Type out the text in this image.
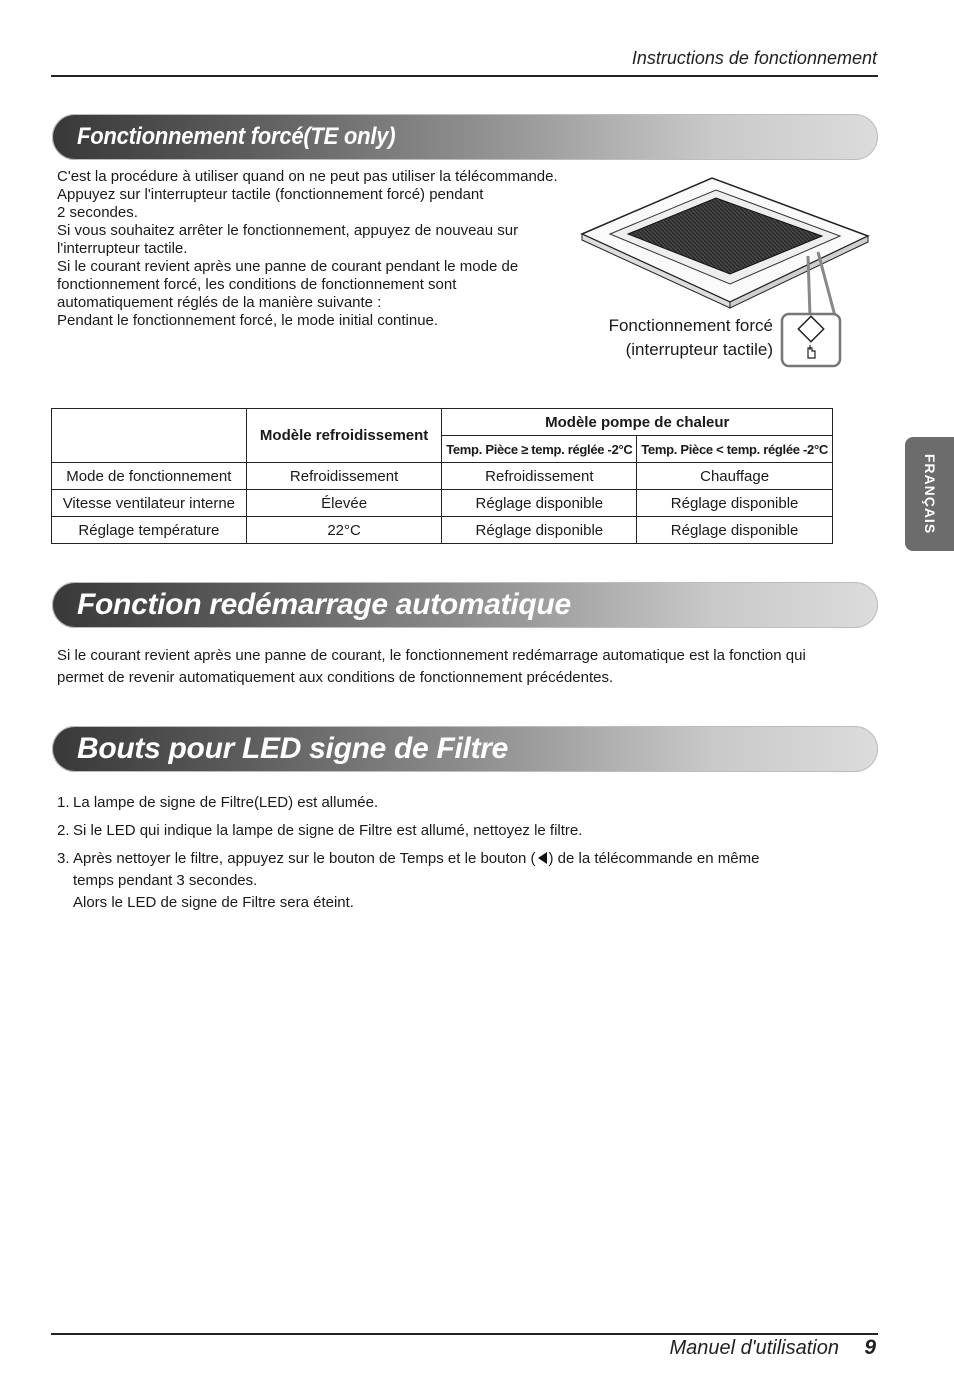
Instructions de fonctionnement
Fonctionnement forcé(TE only)

C'est la procédure à utiliser quand on ne peut pas utiliser la télécommande.

Appuyez sur l'interrupteur tactile (fonctionnement forcé) pendant

2 secondes.

Si vous souhaitez arrêter le fonctionnement, appuyez de nouveau sur

l'interrupteur tactile.

Si le courant revient après une panne de courant pendant le mode de

fonctionnement forcé, les conditions de fonctionnement sont

automatiquement réglés de la manière suivante :

Pendant le fonctionnement forcé, le mode initial continue.	Fonctionnement forcé
(interrupteur tactile)
	Modèle refroidissement	Modèle pompe de chaleur	
		Temp. Pièce ≥ temp. réglée -2°C	Temp. Pièce < temp. réglée -2°C
Mode de fonctionnement	Refroidissement	Refroidissement	Chauffage
Vitesse ventilateur interne	Élevée	Réglage disponible	Réglage disponible
Réglage température	22°C	Réglage disponible	Réglage disponible
Fonction redémarrage automatique

Si le courant revient après une panne de courant, le fonctionnement redémarrage automatique est la fonction qui

permet de revenir automatiquement aux conditions de fonctionnement précédentes.

Bouts pour LED signe de Filtre
1. La lampe de signe de Filtre(LED) est allumée.
2. Si le LED qui indique la lampe de signe de Filtre est allumé, nettoyez le filtre.
3. Après nettoyer le filtre, appuyez sur le bouton de Temps et le bouton ( ) de la télécommande en même
temps pendant 3 secondes.
Alors le LED de signe de Filtre sera éteint.
FRANÇAIS
Manuel d'utilisation 9
